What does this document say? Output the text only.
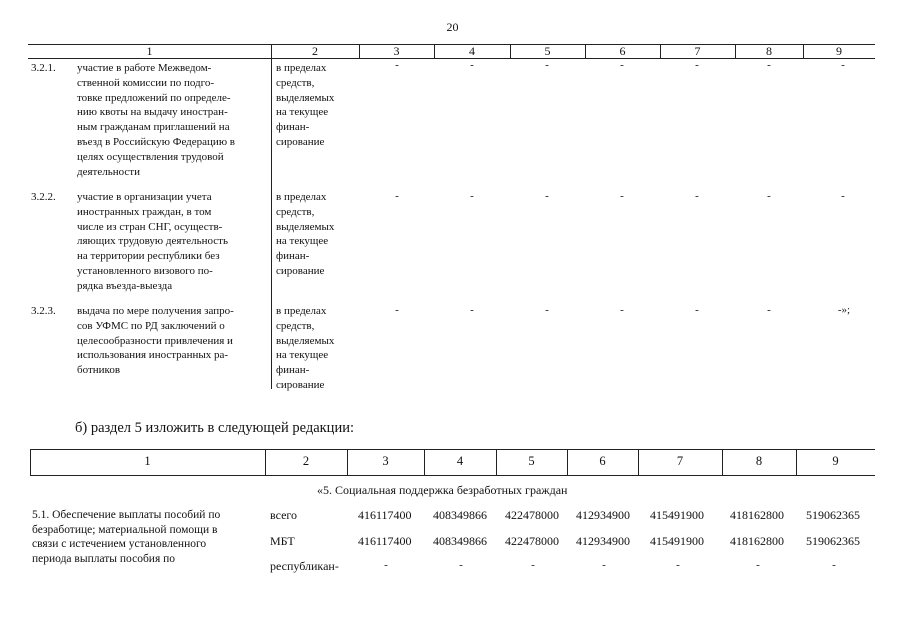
20
1	2	3	4	5	6	7	8	9
3.2.1.	участие в работе Межведом-
ственной комиссии по подго-
товке предложений по определе-
нию квоты на выдачу иностран-
ным гражданам приглашений на
въезд в Российскую Федерацию в
целях осуществления трудовой
деятельности
в пределах
средств,
выделяемых
на текущее
финан-
сирование
-	-	-	-	-	-	-
3.2.2.	участие в организации учета
иностранных граждан, в том
числе из стран СНГ, осуществ-
ляющих трудовую деятельность
на территории республики без
установленного визового по-
рядка въезда-выезда
в пределах
средств,
выделяемых
на текущее
финан-
сирование
-	-	-	-	-	-	-
3.2.3.	выдача по мере получения запро-
сов УФМС по РД заключений о
целесообразности привлечения и
использования иностранных ра-
ботников
в пределах
средств,
выделяемых
на текущее
финан-
сирование
-	-	-	-	-	-	-»;
б) раздел 5 изложить в следующей редакции:
1	2	3	4	5	6	7	8	9
«5. Социальная поддержка безработных граждан
5.1. Обеспечение выплаты пособий по
безработице; материальной помощи в
связи с истечением установленного
периода выплаты пособия по
всего	416117400 408349866 422478000 412934900 415491900 418162800 519062365
МБТ	416117400 408349866 422478000 412934900 415491900 418162800 519062365
республикан-	-	-	-	-	-	-	-
